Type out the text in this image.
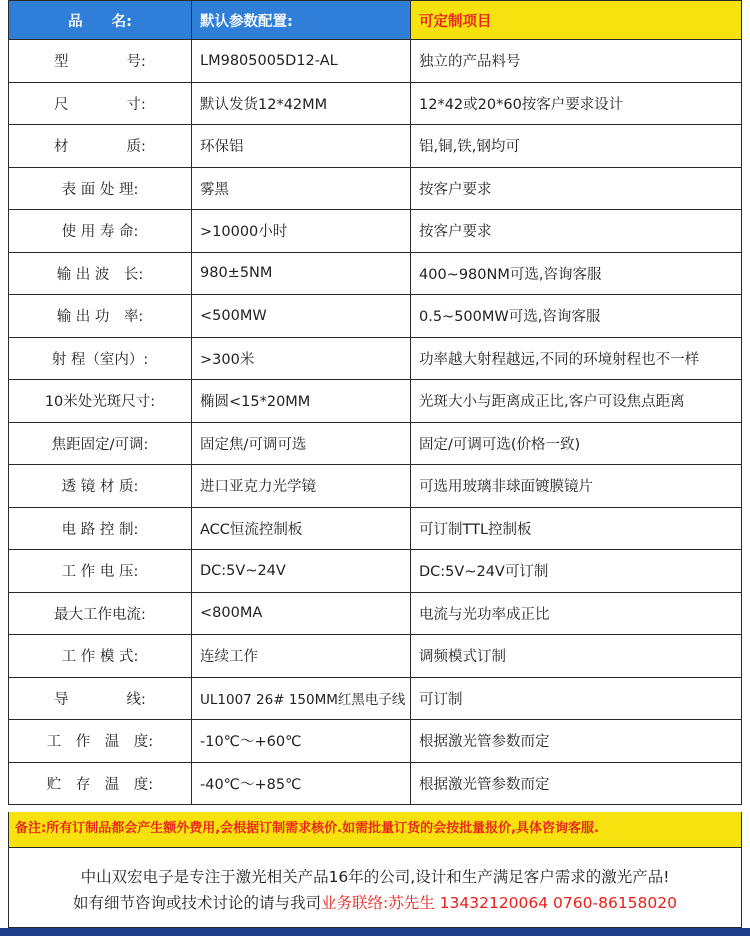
品　　名:	默认参数配置:	可定制项目
型　　　　号:	LM9805005D12-AL	独立的产品料号
尺　　　　寸:	默认发货12*42MM	12*42或20*60按客户要求设计
材　　　　质:	环保铝	铝,铜,铁,钢均可
表 面 处 理:	雾黑	按客户要求
使 用 寿 命:	>10000小时	按客户要求
输 出 波　长:	980±5NM	400~980NM可选,咨询客服
输 出 功　率:	<500MW	0.5~500MW可选,咨询客服
射 程（室内）:	>300米	功率越大射程越远,不同的环境射程也不一样
10米处光斑尺寸:	椭圆<15*20MM	光斑大小与距离成正比,客户可设焦点距离
焦距固定/可调:	固定焦/可调可选	固定/可调可选(价格一致)
透 镜 材 质:	进口亚克力光学镜	可选用玻璃非球面镀膜镜片
电 路 控 制:	ACC恒流控制板	可订制TTL控制板
工 作 电 压:	DC:5V~24V	DC:5V~24V可订制
最大工作电流:	<800MA	电流与光功率成正比
工 作 模 式:	连续工作	调频模式订制
导　　　　线:	UL1007 26# 150MM红黑电子线	可订制
工　作　温　度:	-10℃～+60℃	根据激光管参数而定
贮　存　温　度:	-40℃～+85℃	根据激光管参数而定
备注:所有订制品都会产生额外费用,会根据订制需求核价.如需批量订货的会按批量报价,具体咨询客服.
中山双宏电子是专注于激光相关产品16年的公司,设计和生产满足客户需求的激光产品!
如有细节咨询或技术讨论的请与我司业务联络:苏先生 13432120064 0760-86158020
